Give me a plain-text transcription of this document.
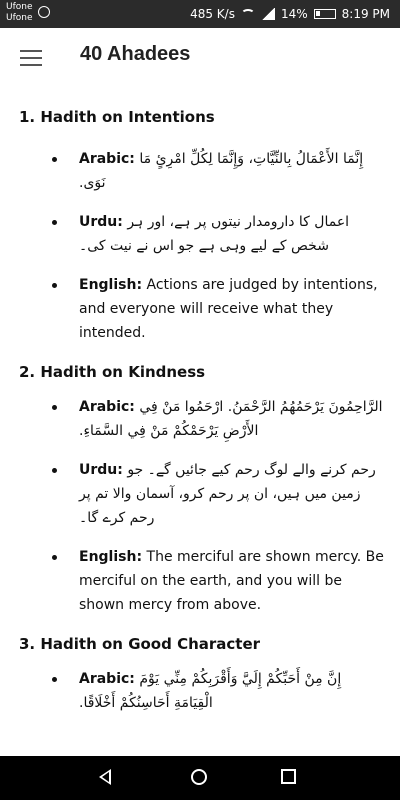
Ufone
Ufone	485 K/s	14%	8:19 PM
40 Ahadees
1. Hadith on Intentions
Arabic: إِنَّمَا الأَعْمَالُ بِالنِّيَّاتِ، وَإِنَّمَا لِكُلِّ امْرِئٍ مَا نَوَى.
Urdu: اعمال کا دارومدار نیتوں پر ہے، اور ہر شخص کے لیے وہی ہے جو اس نے نیت کی۔
English: Actions are judged by intentions, and everyone will receive what they intended.
2. Hadith on Kindness
Arabic: الرَّاحِمُونَ يَرْحَمُهُمُ الرَّحْمَنُ. ارْحَمُوا مَنْ فِي الأَرْضِ يَرْحَمْكُمْ مَنْ فِي السَّمَاءِ.
Urdu: رحم کرنے والے لوگ رحم کیے جائیں گے۔ جو زمین میں ہیں، ان پر رحم کرو، آسمان والا تم پر رحم کرے گا۔
English: The merciful are shown mercy. Be merciful on the earth, and you will be shown mercy from above.
3. Hadith on Good Character
Arabic: إِنَّ مِنْ أَحَبِّكُمْ إِلَيَّ وَأَقْرَبِكُمْ مِنِّي يَوْمَ الْقِيَامَةِ أَحَاسِنُكُمْ أَخْلَاقًا.
